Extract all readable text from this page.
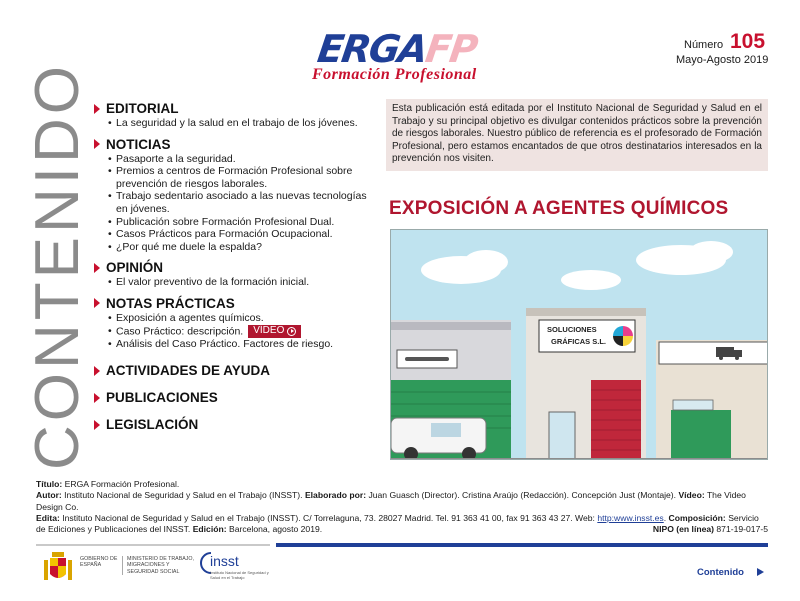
ERGAFP
Formación Profesional
Número 105
Mayo-Agosto 2019
CONTENIDO EDITORIAL
• La seguridad y la salud en el trabajo de los jóvenes.
NOTICIAS
• Pasaporte a la seguridad.
• Premios a centros de Formación Profesional sobre prevención de riesgos laborales.
• Trabajo sedentario asociado a las nuevas tecnologías en jóvenes.
• Publicación sobre Formación Profesional Dual.
• Casos Prácticos para Formación Ocupacional.
• ¿Por qué me duele la espalda?
OPINIÓN
• El valor preventivo de la formación inicial.
NOTAS PRÁCTICAS
• Exposición a agentes químicos.
• Caso Práctico: descripción. VÍDEO
• Análisis del Caso Práctico. Factores de riesgo.
ACTIVIDADES DE AYUDA
PUBLICACIONES
LEGISLACIÓN
Esta publicación está editada por el Instituto Nacional de Seguridad y Salud en el Trabajo y su principal objetivo es divulgar contenidos prácticos sobre la prevención de riesgos laborales. Nuestro público de referencia es el profesorado de Formación Profesional, pero estamos encantados de que otros destinatarios interesados en la prevención nos visiten.
EXPOSICIÓN A AGENTES QUÍMICOS
SOLUCIONES
GRÁFICAS S.L.
Título: ERGA Formación Profesional.
Autor: Instituto Nacional de Seguridad y Salud en el Trabajo (INSST). Elaborado por: Juan Guasch (Director). Cristina Araújo (Redacción). Concepción Just (Montaje). Vídeo: The Video Design Co.
Edita: Instituto Nacional de Seguridad y Salud en el Trabajo (INSST). C/ Torrelaguna, 73. 28027 Madrid. Tel. 91 363 41 00, fax 91 363 43 27. Web: http:www.insst.es. Composición: Servicio de Ediciones y Publicaciones del INSST. Edición: Barcelona, agosto 2019.	NIPO (en línea) 871-19-017-5
GOBIERNO DE ESPAÑA
MINISTERIO DE TRABAJO, MIGRACIONES Y SEGURIDAD SOCIAL
insst
Instituto Nacional de Seguridad y Salud en el Trabajo	Contenido
